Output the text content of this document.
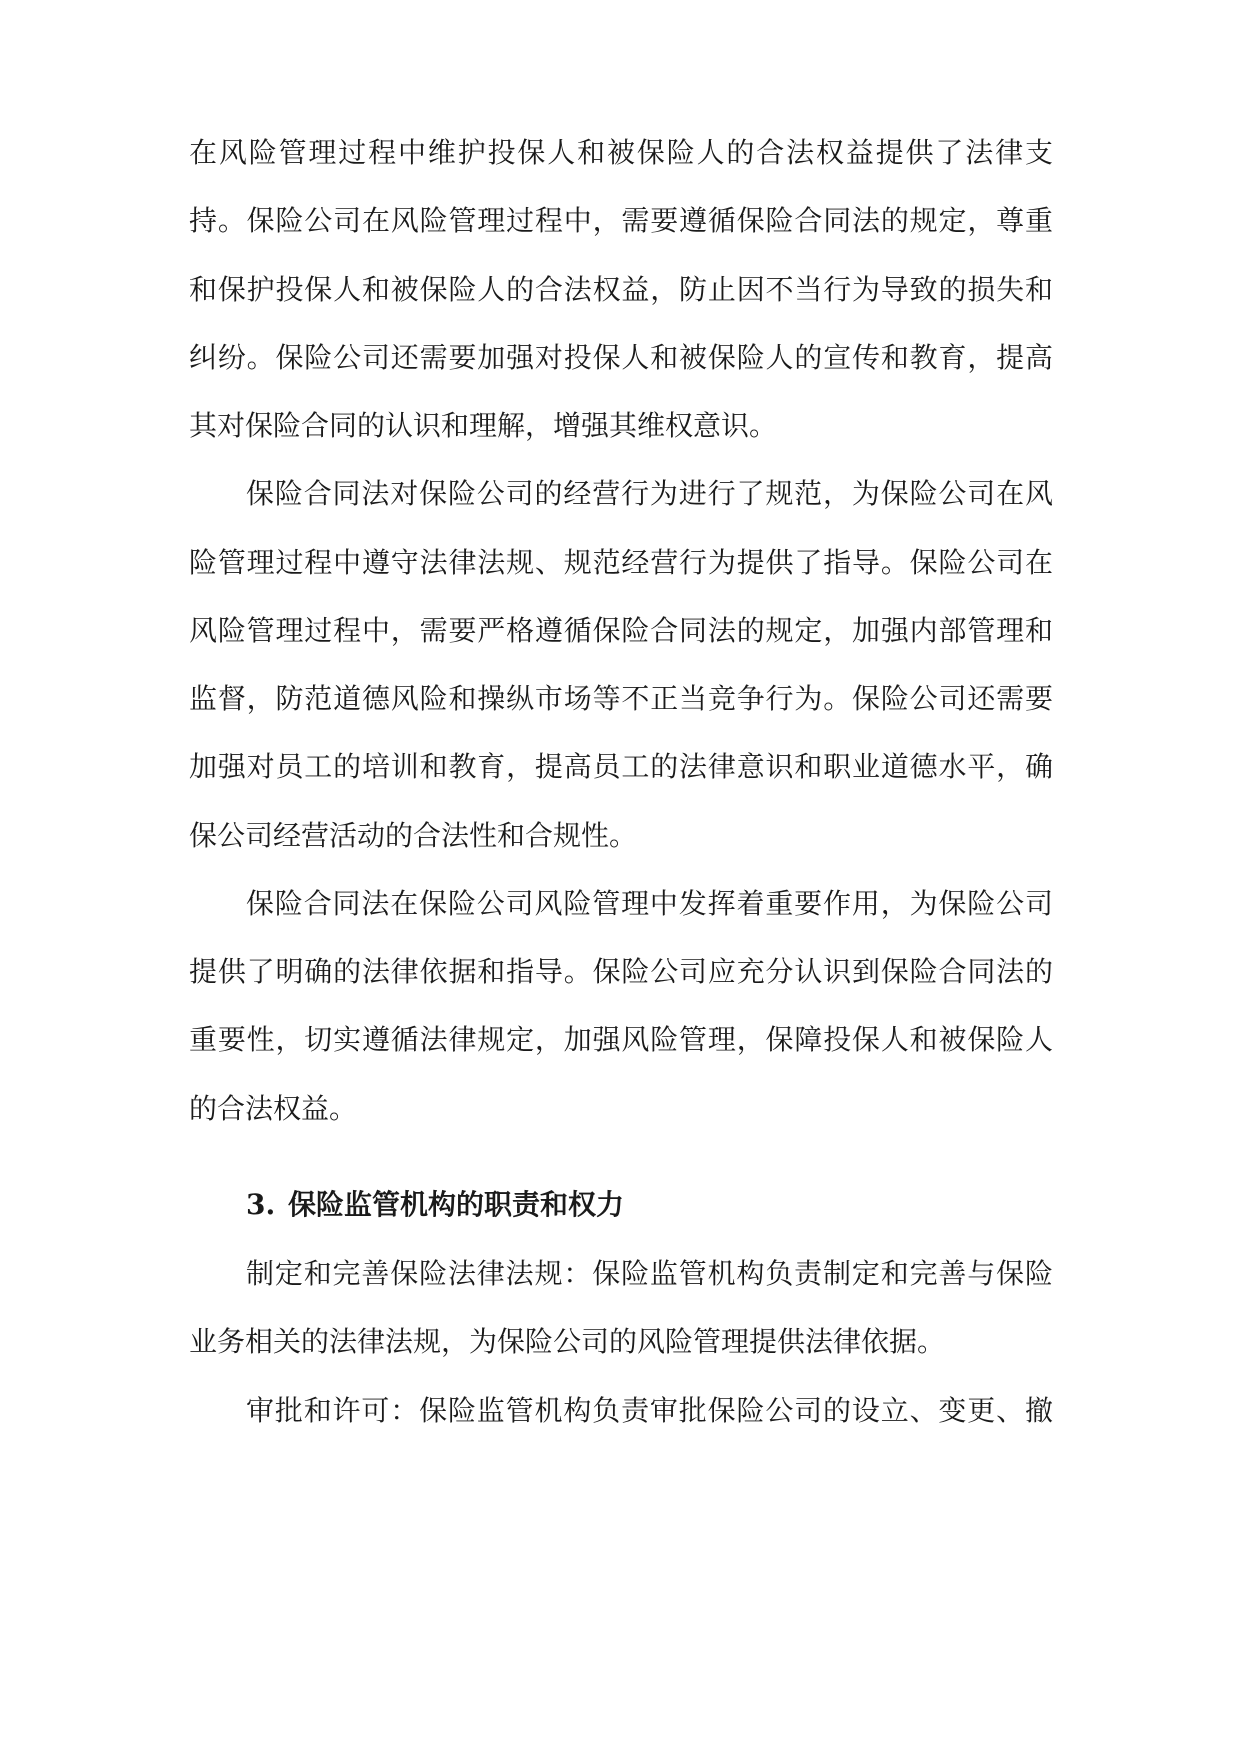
在风险管理过程中维护投保人和被保险人的合法权益提供了法律支
持。保险公司在风险管理过程中，需要遵循保险合同法的规定，尊重
和保护投保人和被保险人的合法权益，防止因不当行为导致的损失和
纠纷。保险公司还需要加强对投保人和被保险人的宣传和教育，提高
其对保险合同的认识和理解，增强其维权意识。
保险合同法对保险公司的经营行为进行了规范，为保险公司在风
险管理过程中遵守法律法规、规范经营行为提供了指导。保险公司在
风险管理过程中，需要严格遵循保险合同法的规定，加强内部管理和
监督，防范道德风险和操纵市场等不正当竞争行为。保险公司还需要
加强对员工的培训和教育，提高员工的法律意识和职业道德水平，确
保公司经营活动的合法性和合规性。
保险合同法在保险公司风险管理中发挥着重要作用，为保险公司
提供了明确的法律依据和指导。保险公司应充分认识到保险合同法的
重要性，切实遵循法律规定，加强风险管理，保障投保人和被保险人
的合法权益。
3. 保险监管机构的职责和权力
制定和完善保险法律法规：保险监管机构负责制定和完善与保险
业务相关的法律法规，为保险公司的风险管理提供法律依据。
审批和许可：保险监管机构负责审批保险公司的设立、变更、撤
